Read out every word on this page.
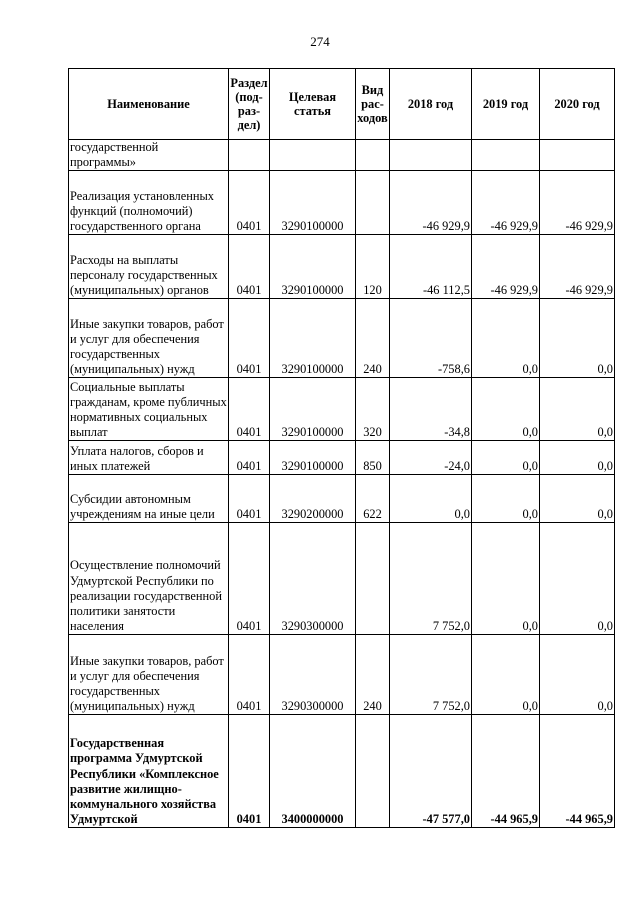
274
Наименование	Раздел (под-раз-дел)	Целевая статья	Вид рас-ходов	2018 год	2019 год	2020 год
государственной программы»						
Реализация установленных функций (полномочий) государственного органа	0401	3290100000		-46 929,9	-46 929,9	-46 929,9
Расходы на выплаты персоналу государственных (муниципальных) органов	0401	3290100000	120	-46 112,5	-46 929,9	-46 929,9
Иные закупки товаров, работ и услуг для обеспечения государственных (муниципальных) нужд	0401	3290100000	240	-758,6	0,0	0,0
Социальные выплаты гражданам, кроме публичных нормативных социальных выплат	0401	3290100000	320	-34,8	0,0	0,0
Уплата налогов, сборов и иных платежей	0401	3290100000	850	-24,0	0,0	0,0
Субсидии автономным учреждениям на иные цели	0401	3290200000	622	0,0	0,0	0,0
Осуществление полномочий Удмуртской Республики по реализации государственной политики занятости населения	0401	3290300000		7 752,0	0,0	0,0
Иные закупки товаров, работ и услуг для обеспечения государственных (муниципальных) нужд	0401	3290300000	240	7 752,0	0,0	0,0
Государственная программа Удмуртской Республики «Комплексное развитие жилищно-коммунального хозяйства Удмуртской	0401	3400000000		-47 577,0	-44 965,9	-44 965,9
